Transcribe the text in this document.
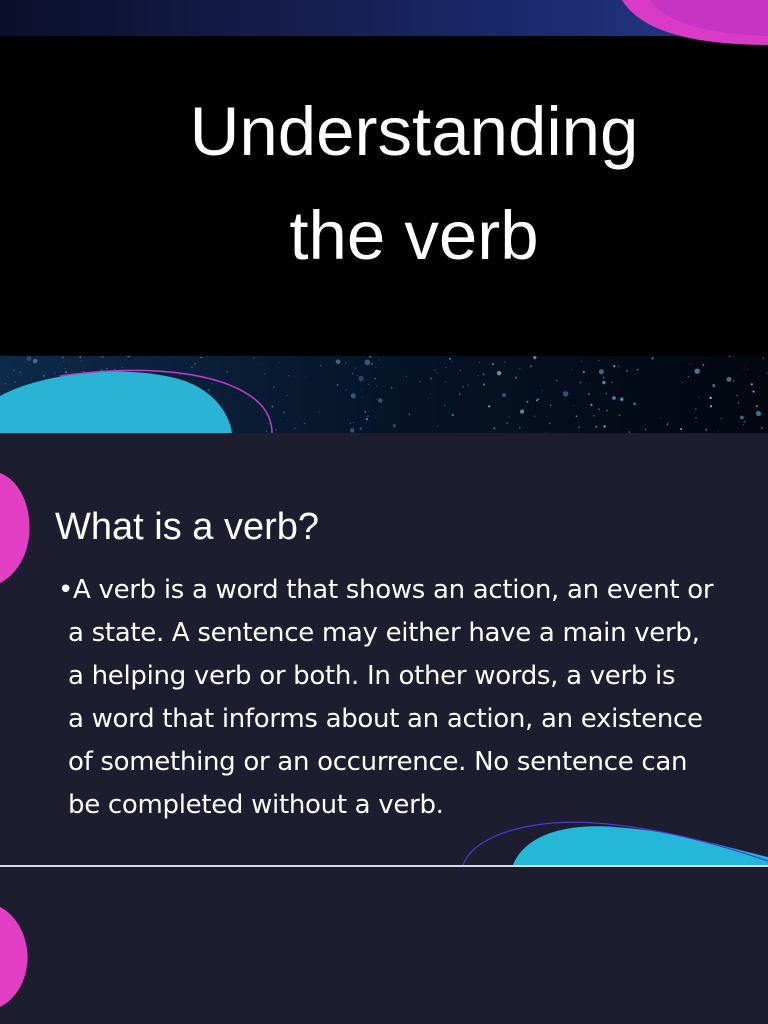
Understanding
the verb
What is a verb?

•A verb is a word that shows an action, an event or
a state. A sentence may either have a main verb,
a helping verb or both. In other words, a verb is
a word that informs about an action, an existence
of something or an occurrence. No sentence can
be completed without a verb.
